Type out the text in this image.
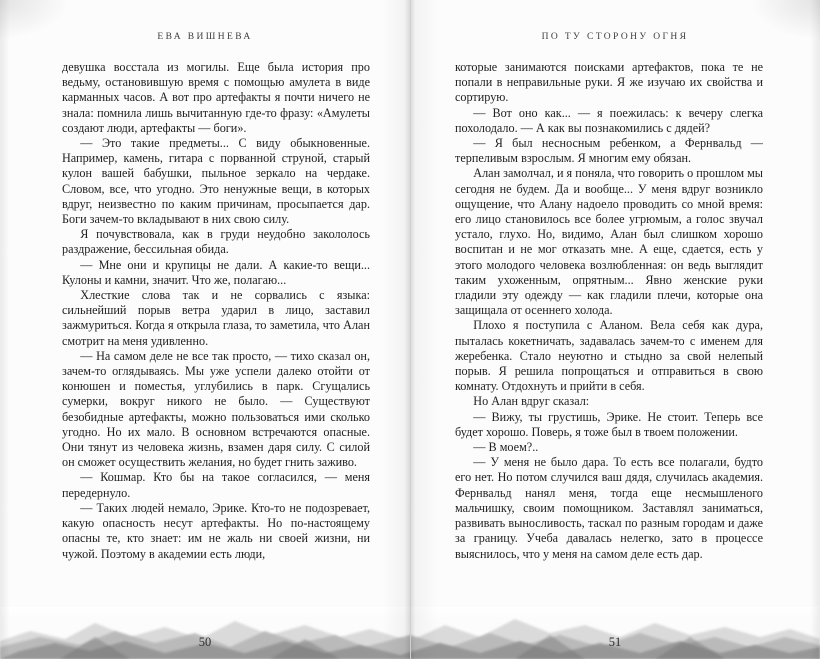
ЕВА ВИШНЕВА

девушка восстала из могилы. Еще была история про ведьму, остановившую время с помощью амулета в виде карманных часов. А вот про артефакты я почти ничего не знала: помнила лишь вычитанную где-то фразу: «Амулеты создают люди, артефакты — боги».

— Это такие предметы... С виду обыкновенные. Например, камень, гитара с порванной струной, старый кулон вашей бабушки, пыльное зеркало на чердаке. Словом, все, что угодно. Это ненужные вещи, в которых вдруг, неизвестно по каким причинам, просыпается дар. Боги зачем-то вкладывают в них свою силу.

Я почувствовала, как в груди неудобно закололось раздражение, бессильная обида.

— Мне они и крупицы не дали. А какие-то вещи... Кулоны и камни, значит. Что же, полагаю...

Хлесткие слова так и не сорвались с языка: сильнейший порыв ветра ударил в лицо, заставил зажмуриться. Когда я открыла глаза, то заметила, что Алан смотрит на меня удивленно.

— На самом деле не все так просто, — тихо сказал он, зачем-то оглядываясь. Мы уже успели далеко отойти от конюшен и поместья, углубились в парк. Сгущались сумерки, вокруг никого не было. — Существуют безобидные артефакты, можно пользоваться ими сколько угодно. Но их мало. В основном встречаются опасные. Они тянут из человека жизнь, взамен даря силу. С силой он сможет осуществить желания, но будет гнить заживо.

— Кошмар. Кто бы на такое согласился, — меня передернуло.

— Таких людей немало, Эрике. Кто-то не подозревает, какую опасность несут артефакты. Но по-настоящему опасны те, кто знает: им не жаль ни своей жизни, ни чужой. Поэтому в академии есть люди,

50
ПО ТУ СТОРОНУ ОГНЯ

которые занимаются поисками артефактов, пока те не попали в неправильные руки. Я же изучаю их свойства и сортирую.

— Вот оно как... — я поежилась: к вечеру слегка похолодало. — А как вы познакомились с дядей?

— Я был несносным ребенком, а Фернвальд — терпеливым взрослым. Я многим ему обязан.

Алан замолчал, и я поняла, что говорить о прошлом мы сегодня не будем. Да и вообще... У меня вдруг возникло ощущение, что Алану надоело проводить со мной время: его лицо становилось все более угрюмым, а голос звучал устало, глухо. Но, видимо, Алан был слишком хорошо воспитан и не мог отказать мне. А еще, сдается, есть у этого молодого человека возлюбленная: он ведь выглядит таким ухоженным, опрятным... Явно женские руки гладили эту одежду — как гладили плечи, которые она защищала от осеннего холода.

Плохо я поступила с Аланом. Вела себя как дура, пыталась кокетничать, задавалась зачем-то с именем для жеребенка. Стало неуютно и стыдно за свой нелепый порыв. Я решила попрощаться и отправиться в свою комнату. Отдохнуть и прийти в себя.

Но Алан вдруг сказал:

— Вижу, ты грустишь, Эрике. Не стоит. Теперь все будет хорошо. Поверь, я тоже был в твоем положении.

— В моем?..

— У меня не было дара. То есть все полагали, будто его нет. Но потом случился ваш дядя, случилась академия. Фернвальд нанял меня, тогда еще несмышленого мальчишку, своим помощником. Заставлял заниматься, развивать выносливость, таскал по разным городам и даже за границу. Учеба давалась нелегко, зато в процессе выяснилось, что у меня на самом деле есть дар.

51
